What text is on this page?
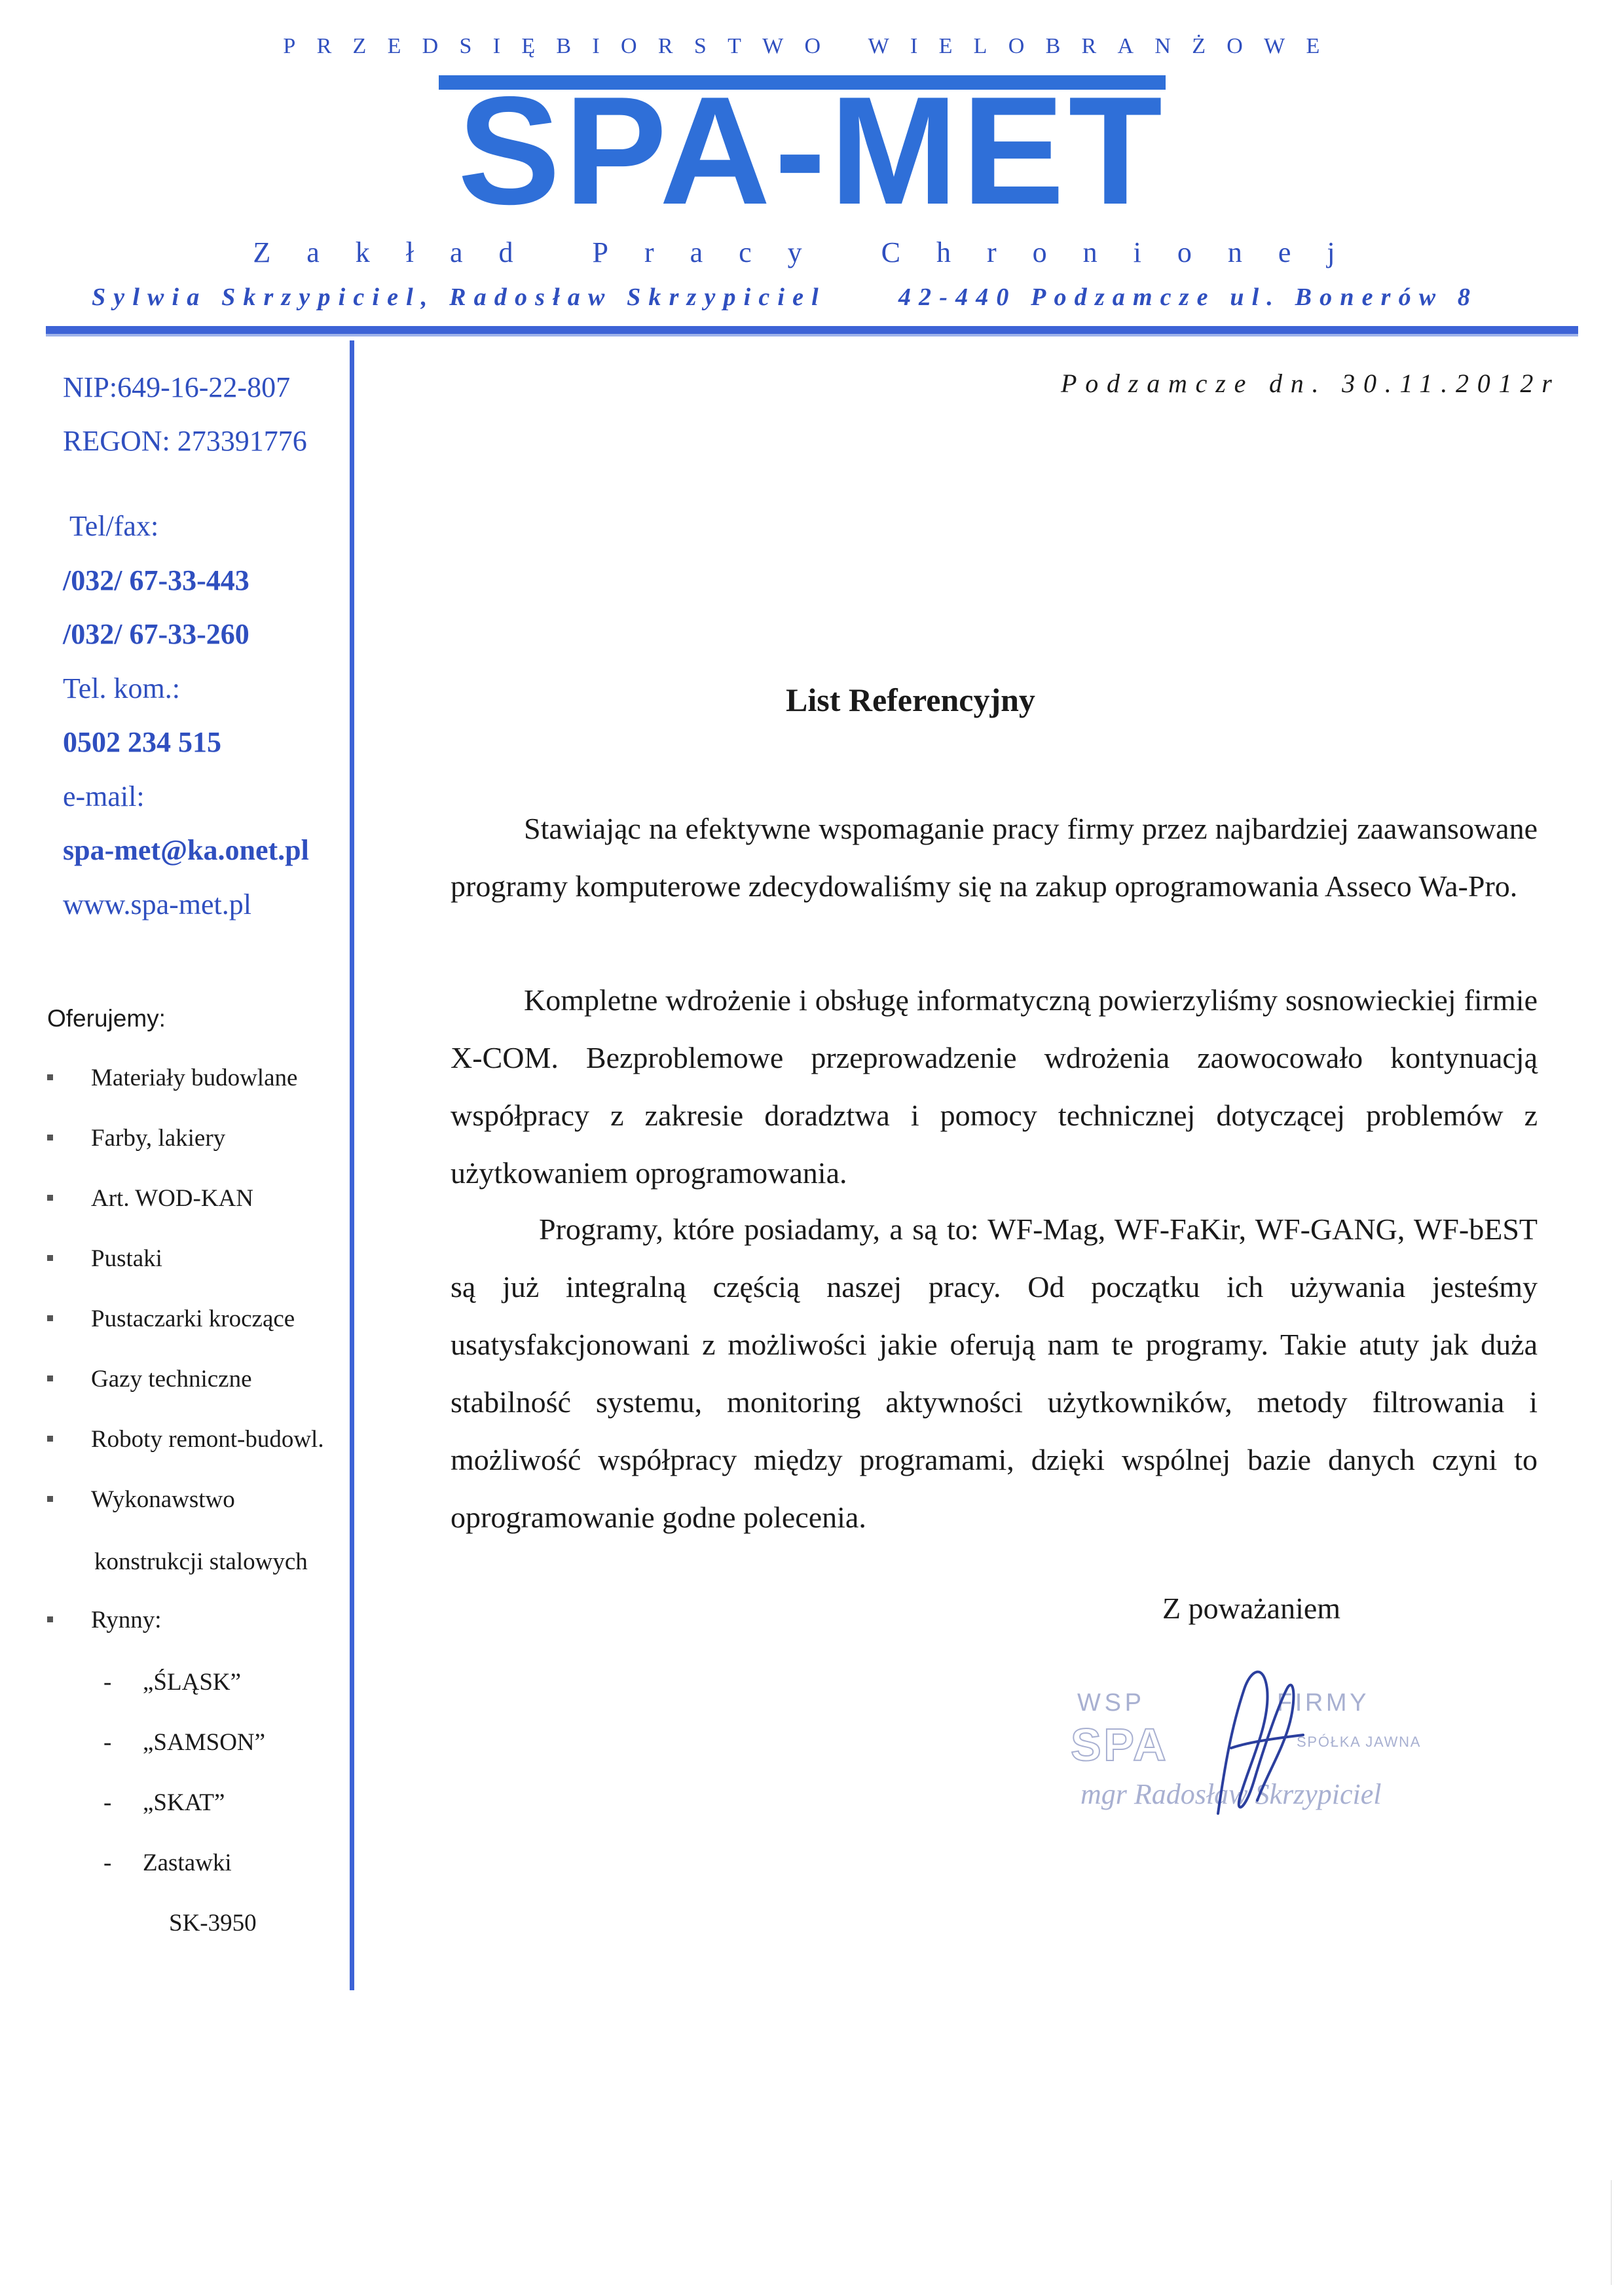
PRZEDSIĘBIORSTWO WIELOBRANŻOWE
SPA-MET
Zakład Pracy Chronionej
Sylwia Skrzypiciel, Radosław Skrzypiciel	42-440 Podzamcze ul. Bonerów 8
NIP:649-16-22-807
REGON: 273391776
Tel/fax:
/032/ 67-33-443
/032/ 67-33-260
Tel. kom.:
0502 234 515
e-mail:
spa-met@ka.onet.pl
www.spa-met.pl
Oferujemy:
Materiały budowlane
Farby, lakiery
Art. WOD-KAN
Pustaki
Pustaczarki kroczące
Gazy techniczne
Roboty remont-budowl.
Wykonawstwo
konstrukcji stalowych
Rynny:
- „ŚLĄSK”
- „SAMSON”
- „SKAT”
- Zastawki
SK-3950
Podzamcze dn. 30.11.2012r
List Referencyjny
Stawiając na efektywne wspomaganie pracy firmy przez najbardziej zaawansowane programy komputerowe zdecydowaliśmy się na zakup oprogramowania Asseco Wa-Pro.
Kompletne wdrożenie i obsługę informatyczną powierzyliśmy sosnowieckiej firmie X-COM. Bezproblemowe przeprowadzenie wdrożenia zaowocowało kontynuacją współpracy z zakresie doradztwa i pomocy technicznej dotyczącej problemów z użytkowaniem oprogramowania.
Programy, które posiadamy, a są to: WF-Mag, WF-FaKir, WF-GANG, WF-bEST są już integralną częścią naszej pracy. Od początku ich używania jesteśmy usatysfakcjonowani z możliwości jakie oferują nam te programy. Takie atuty jak duża stabilność systemu, monitoring aktywności użytkowników, metody filtrowania i możliwość współpracy między programami, dzięki wspólnej bazie danych czyni to oprogramowanie godne polecenia.
Z poważaniem
WSP	FIRMY
SPA	SPÓŁKA JAWNA
mgr Radosław Skrzypiciel
